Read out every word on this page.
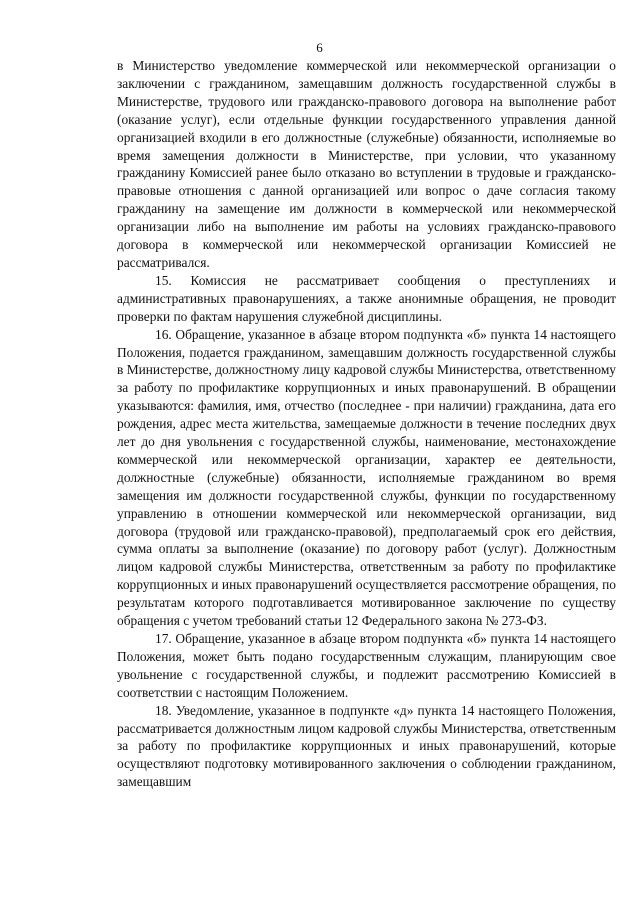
6

в Министерство уведомление коммерческой или некоммерческой организации о заключении с гражданином, замещавшим должность государственной службы в Министерстве, трудового или гражданско-правового договора на выполнение работ (оказание услуг), если отдельные функции государственного управления данной организацией входили в его должностные (служебные) обязанности, исполняемые во время замещения должности в Министерстве, при условии, что указанному гражданину Комиссией ранее было отказано во вступлении в трудовые и гражданско-правовые отношения с данной организацией или вопрос о даче согласия такому гражданину на замещение им должности в коммерческой или некоммерческой организации либо на выполнение им работы на условиях гражданско-правового договора в коммерческой или некоммерческой организации Комиссией не рассматривался.

15. Комиссия не рассматривает сообщения о преступлениях и административных правонарушениях, а также анонимные обращения, не проводит проверки по фактам нарушения служебной дисциплины.

16. Обращение, указанное в абзаце втором подпункта «б» пункта 14 настоящего Положения, подается гражданином, замещавшим должность государственной службы в Министерстве, должностному лицу кадровой службы Министерства, ответственному за работу по профилактике коррупционных и иных правонарушений. В обращении указываются: фамилия, имя, отчество (последнее - при наличии) гражданина, дата его рождения, адрес места жительства, замещаемые должности в течение последних двух лет до дня увольнения с государственной службы, наименование, местонахождение коммерческой или некоммерческой организации, характер ее деятельности, должностные (служебные) обязанности, исполняемые гражданином во время замещения им должности государственной службы, функции по государственному управлению в отношении коммерческой или некоммерческой организации, вид договора (трудовой или гражданско-правовой), предполагаемый срок его действия, сумма оплаты за выполнение (оказание) по договору работ (услуг). Должностным лицом кадровой службы Министерства, ответственным за работу по профилактике коррупционных и иных правонарушений осуществляется рассмотрение обращения, по результатам которого подготавливается мотивированное заключение по существу обращения с учетом требований статьи 12 Федерального закона № 273-ФЗ.

17. Обращение, указанное в абзаце втором подпункта «б» пункта 14 настоящего Положения, может быть подано государственным служащим, планирующим свое увольнение с государственной службы, и подлежит рассмотрению Комиссией в соответствии с настоящим Положением.

18. Уведомление, указанное в подпункте «д» пункта 14 настоящего Положения, рассматривается должностным лицом кадровой службы Министерства, ответственным за работу по профилактике коррупционных и иных правонарушений, которые осуществляют подготовку мотивированного заключения о соблюдении гражданином, замещавшим
